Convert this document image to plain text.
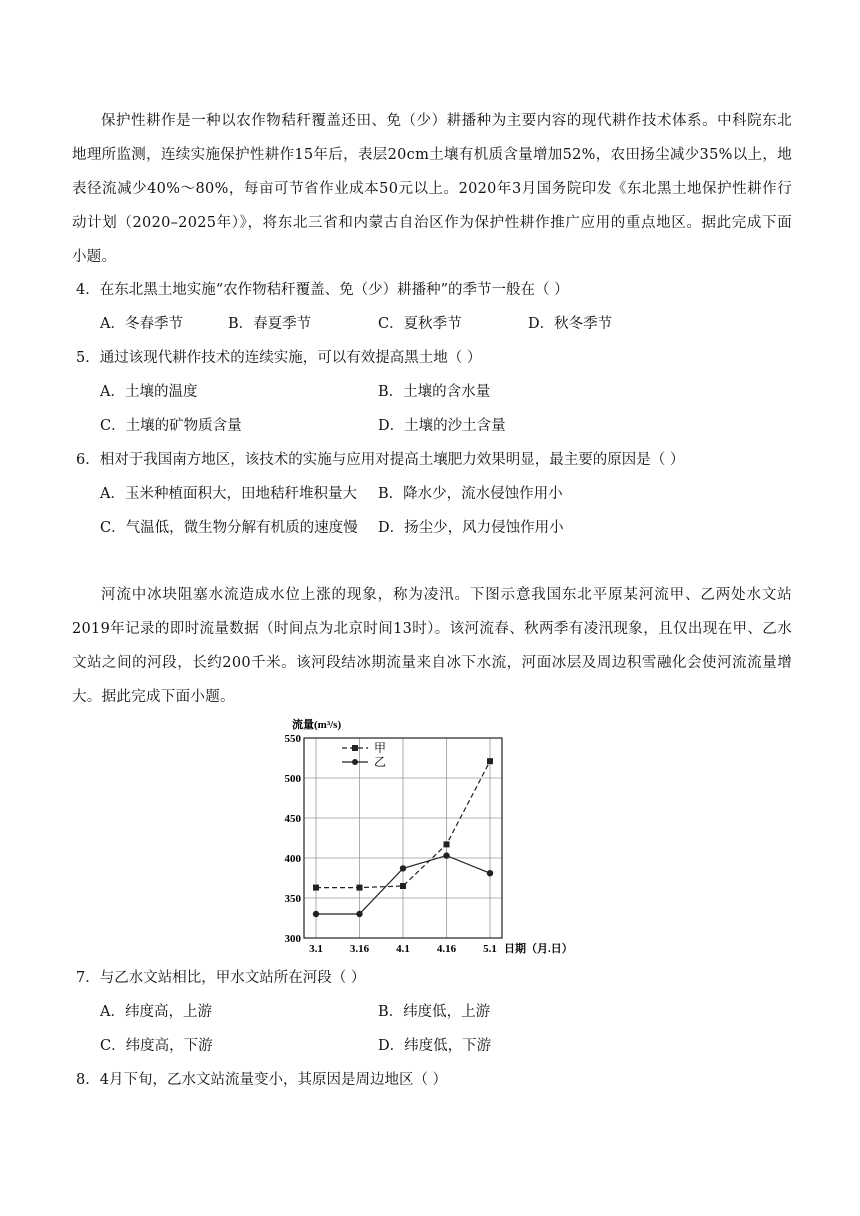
保护性耕作是一种以农作物秸秆覆盖还田、免（少）耕播种为主要内容的现代耕作技术体系。中科院东北地理所监测，连续实施保护性耕作15年后，表层20cm土壤有机质含量增加52%，农田扬尘减少35%以上，地表径流减少40%～80%，每亩可节省作业成本50元以上。2020年3月国务院印发《东北黑土地保护性耕作行动计划（2020–2025年）》，将东北三省和内蒙古自治区作为保护性耕作推广应用的重点地区。据此完成下面小题。
4．在东北黑土地实施“农作物秸秆覆盖、免（少）耕播种”的季节一般在（ ）
A．冬春季节	B．春夏季节	C．夏秋季节	D．秋冬季节
5．通过该现代耕作技术的连续实施，可以有效提高黑土地（ ）
A．土壤的温度	B．土壤的含水量
C．土壤的矿物质含量	D．土壤的沙土含量
6．相对于我国南方地区，该技术的实施与应用对提高土壤肥力效果明显，最主要的原因是（ ）
A．玉米种植面积大，田地秸秆堆积量大 B．降水少，流水侵蚀作用小
C．气温低，微生物分解有机质的速度慢 D．扬尘少，风力侵蚀作用小
河流中冰块阻塞水流造成水位上涨的现象，称为凌汛。下图示意我国东北平原某河流甲、乙两处水文站2019年记录的即时流量数据（时间点为北京时间13时）。该河流春、秋两季有凌汛现象，且仅出现在甲、乙水文站之间的河段，长约200千米。该河段结冰期流量来自冰下水流，河面冰层及周边积雪融化会使河流流量增大。据此完成下面小题。
流量(m³/s)
300
350
400
450
500
550
3.1 3.16 4.1 4.16 5.1 日期（月.日）
甲
乙
7．与乙水文站相比，甲水文站所在河段（ ）
A．纬度高，上游	B．纬度低，上游
C．纬度高，下游	D．纬度低，下游
8．4月下旬，乙水文站流量变小，其原因是周边地区（ ）
